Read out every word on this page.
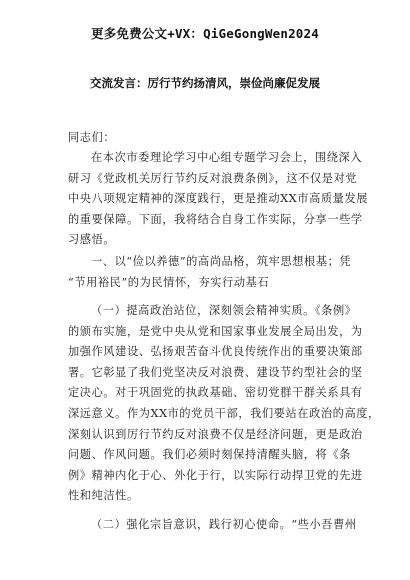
更多免费公文+VX：QiGeGongWen2024
交流发言：厉行节约扬清风，崇俭尚廉促发展
同志们：
在本次市委理论学习中心组专题学习会上，围绕深入
研习《党政机关厉行节约反对浪费条例》，这不仅是对党
中央八项规定精神的深度践行，更是推动XX市高质量发展
的重要保障。下面，我将结合自身工作实际，分享一些学
习感悟。
一、以“俭以养德”的高尚品格，筑牢思想根基；凭
“节用裕民”的为民情怀，夯实行动基石
（一）提高政治站位，深刻领会精神实质。《条例》
的颁布实施，是党中央从党和国家事业发展全局出发，为
加强作风建设、弘扬艰苦奋斗优良传统作出的重要决策部
署。它彰显了我们党坚决反对浪费、建设节约型社会的坚
定决心。对于巩固党的执政基础、密切党群干群关系具有
深远意义。作为XX市的党员干部，我们要站在政治的高度，
深刻认识到厉行节约反对浪费不仅是经济问题，更是政治
问题、作风问题。我们必须时刻保持清醒头脑，将《条
例》精神内化于心、外化于行，以实际行动捍卫党的先进
性和纯洁性。
（二）强化宗旨意识，践行初心使命。“些小吾曹州
